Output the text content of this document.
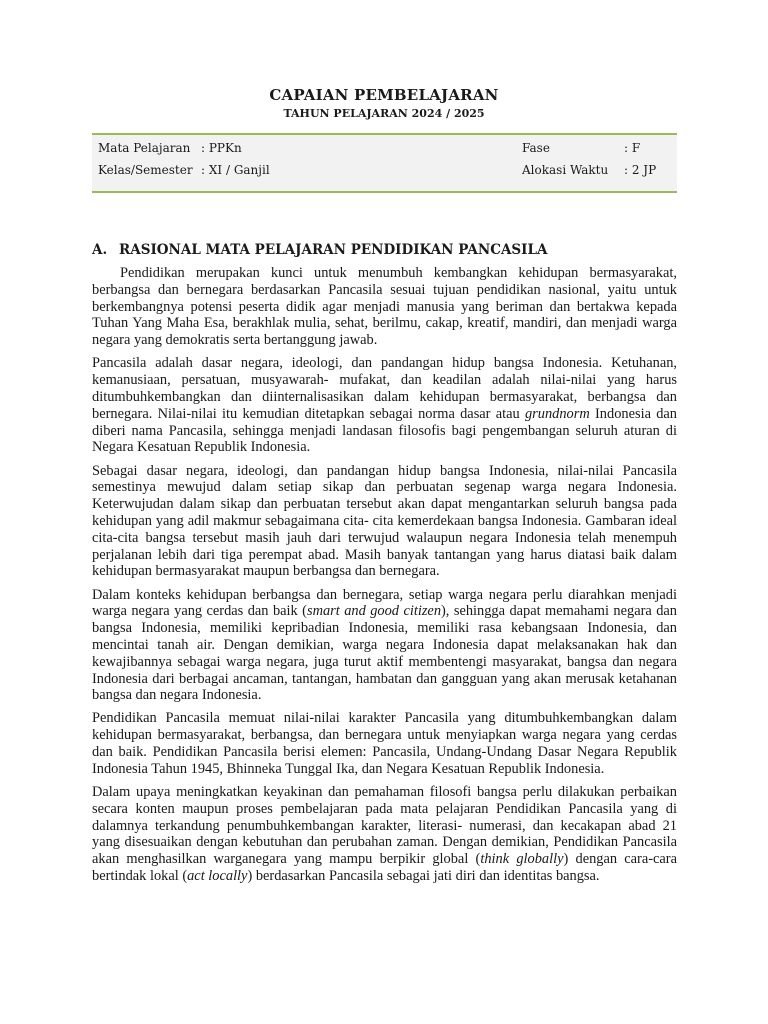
CAPAIAN PEMBELAJARAN
TAHUN PELAJARAN 2024 / 2025
Mata Pelajaran : PPKn
Kelas/Semester : XI / Ganjil
Fase	: F
Alokasi Waktu : 2 JP
A. RASIONAL MATA PELAJARAN PENDIDIKAN PANCASILA

Pendidikan merupakan kunci untuk menumbuh kembangkan kehidupan bermasyarakat, berbangsa dan bernegara berdasarkan Pancasila sesuai tujuan pendidikan nasional, yaitu untuk berkembangnya potensi peserta didik agar menjadi manusia yang beriman dan bertakwa kepada Tuhan Yang Maha Esa, berakhlak mulia, sehat, berilmu, cakap, kreatif, mandiri, dan menjadi warga negara yang demokratis serta bertanggung jawab.

Pancasila adalah dasar negara, ideologi, dan pandangan hidup bangsa Indonesia. Ketuhanan, kemanusiaan, persatuan, musyawarah- mufakat, dan keadilan adalah nilai-nilai yang harus ditumbuhkembangkan dan diinternalisasikan dalam kehidupan bermasyarakat, berbangsa dan bernegara. Nilai-nilai itu kemudian ditetapkan sebagai norma dasar atau grundnorm Indonesia dan diberi nama Pancasila, sehingga menjadi landasan filosofis bagi pengembangan seluruh aturan di Negara Kesatuan Republik Indonesia.

Sebagai dasar negara, ideologi, dan pandangan hidup bangsa Indonesia, nilai-nilai Pancasila semestinya mewujud dalam setiap sikap dan perbuatan segenap warga negara Indonesia. Keterwujudan dalam sikap dan perbuatan tersebut akan dapat mengantarkan seluruh bangsa pada kehidupan yang adil makmur sebagaimana cita- cita kemerdekaan bangsa Indonesia. Gambaran ideal cita-cita bangsa tersebut masih jauh dari terwujud walaupun negara Indonesia telah menempuh perjalanan lebih dari tiga perempat abad. Masih banyak tantangan yang harus diatasi baik dalam kehidupan bermasyarakat maupun berbangsa dan bernegara.

Dalam konteks kehidupan berbangsa dan bernegara, setiap warga negara perlu diarahkan menjadi warga negara yang cerdas dan baik (smart and good citizen), sehingga dapat memahami negara dan bangsa Indonesia, memiliki kepribadian Indonesia, memiliki rasa kebangsaan Indonesia, dan mencintai tanah air. Dengan demikian, warga negara Indonesia dapat melaksanakan hak dan kewajibannya sebagai warga negara, juga turut aktif membentengi masyarakat, bangsa dan negara Indonesia dari berbagai ancaman, tantangan, hambatan dan gangguan yang akan merusak ketahanan bangsa dan negara Indonesia.

Pendidikan Pancasila memuat nilai-nilai karakter Pancasila yang ditumbuhkembangkan dalam kehidupan bermasyarakat, berbangsa, dan bernegara untuk menyiapkan warga negara yang cerdas dan baik. Pendidikan Pancasila berisi elemen: Pancasila, Undang-Undang Dasar Negara Republik Indonesia Tahun 1945, Bhinneka Tunggal Ika, dan Negara Kesatuan Republik Indonesia.

Dalam upaya meningkatkan keyakinan dan pemahaman filosofi bangsa perlu dilakukan perbaikan secara konten maupun proses pembelajaran pada mata pelajaran Pendidikan Pancasila yang di dalamnya terkandung penumbuhkembangan karakter, literasi- numerasi, dan kecakapan abad 21 yang disesuaikan dengan kebutuhan dan perubahan zaman. Dengan demikian, Pendidikan Pancasila akan menghasilkan warganegara yang mampu berpikir global (think globally) dengan cara-cara bertindak lokal (act locally) berdasarkan Pancasila sebagai jati diri dan identitas bangsa.
